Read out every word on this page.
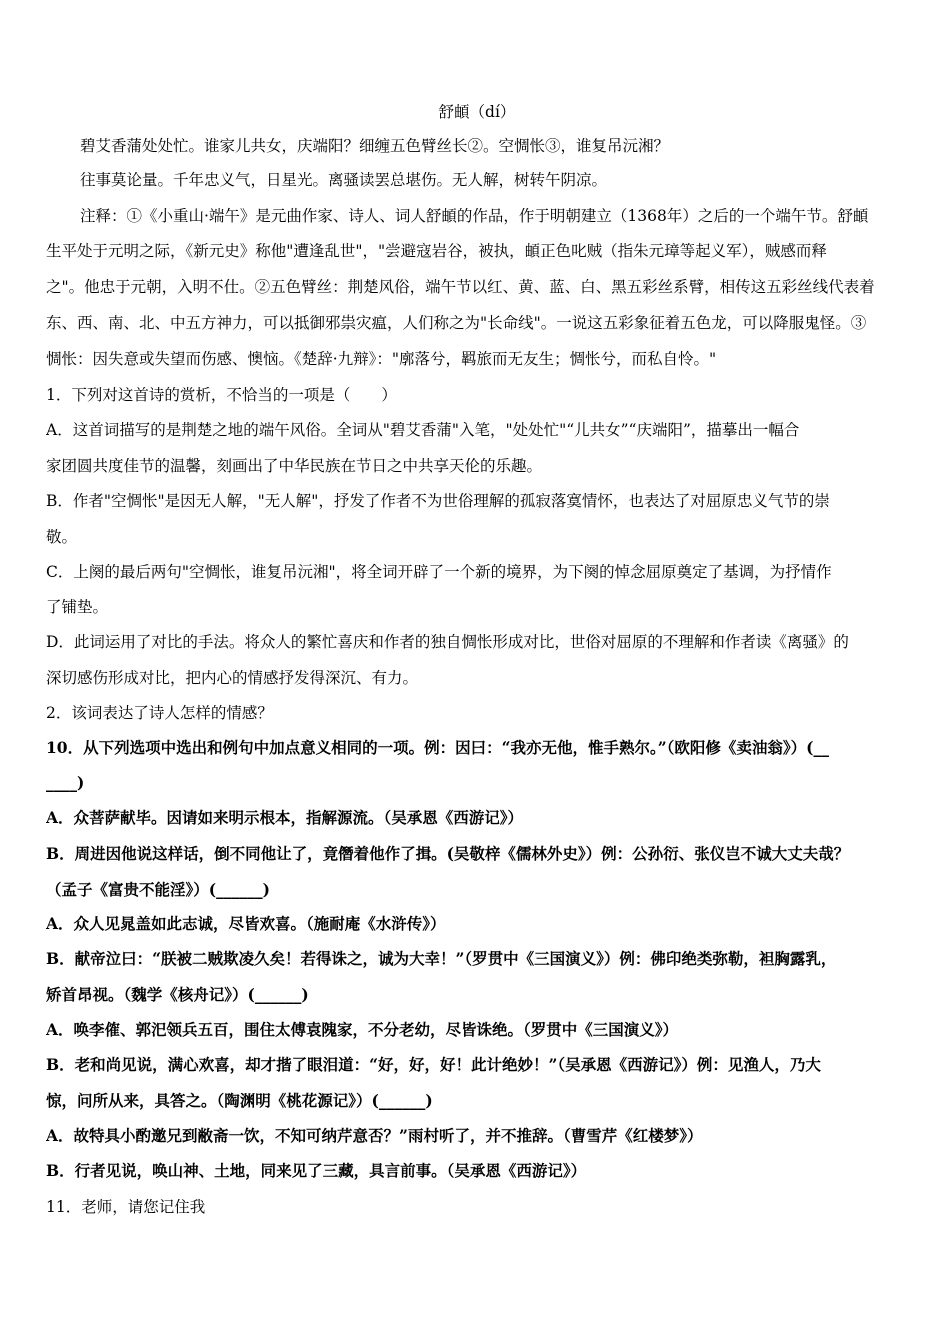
舒頔（dí）
碧艾香蒲处处忙。谁家儿共女，庆端阳？细缠五色臂丝长②。空惆怅③，谁复吊沅湘？
往事莫论量。千年忠义气，日星光。离骚读罢总堪伤。无人解，树转午阴凉。
注释：①《小重山·端午》是元曲作家、诗人、词人舒頔的作品，作于明朝建立（1368年）之后的一个端午节。舒頔
生平处于元明之际，《新元史》称他"遭逢乱世"，"尝避寇岩谷，被执，頔正色叱贼（指朱元璋等起义军），贼感而释
之"。他忠于元朝，入明不仕。②五色臂丝：荆楚风俗，端午节以红、黄、蓝、白、黑五彩丝系臂，相传这五彩丝线代表着
东、西、南、北、中五方神力，可以抵御邪祟灾瘟，人们称之为"长命线"。一说这五彩象征着五色龙，可以降服鬼怪。③
惆怅：因失意或失望而伤感、懊恼。《楚辞·九辩》："廓落兮，羁旅而无友生；惆怅兮，而私自怜。"
1．下列对这首诗的赏析，不恰当的一项是（　　）
A．这首词描写的是荆楚之地的端午风俗。全词从"碧艾香蒲"入笔，"处处忙"“儿共女”“庆端阳”，描摹出一幅合
家团圆共度佳节的温馨，刻画出了中华民族在节日之中共享天伦的乐趣。
B．作者"空惆怅"是因无人解，"无人解"，抒发了作者不为世俗理解的孤寂落寞情怀，也表达了对屈原忠义气节的崇
敬。
C．上阕的最后两句"空惆怅，谁复吊沅湘"，将全词开辟了一个新的境界，为下阕的悼念屈原奠定了基调，为抒情作
了铺垫。
D．此词运用了对比的手法。将众人的繁忙喜庆和作者的独自惆怅形成对比，世俗对屈原的不理解和作者读《离骚》的
深切感伤形成对比，把内心的情感抒发得深沉、有力。
2．该词表达了诗人怎样的情感？
10．从下列选项中选出和例句中加点意义相同的一项。例：因曰：“我亦无他，惟手熟尔。”（欧阳修《卖油翁》）(__
____)
A．众菩萨献毕。因请如来明示根本，指解源流。（吴承恩《西游记》）
B．周进因他说这样话，倒不同他让了，竟僭着他作了揖。(吴敬梓《儒林外史》）例：公孙衍、张仪岂不诚大丈夫哉？
（孟子《富贵不能淫》）(______)
A．众人见晁盖如此志诚，尽皆欢喜。（施耐庵《水浒传》）
B．献帝泣曰：“朕被二贼欺凌久矣！若得诛之，诚为大幸！”（罗贯中《三国演义》）例：佛印绝类弥勒，袒胸露乳，
矫首昂视。（魏学《核舟记》）(______)
A．唤李傕、郭汜领兵五百，围住太傅袁隗家，不分老幼，尽皆诛绝。（罗贯中《三国演义》）
B．老和尚见说，满心欢喜，却才揩了眼泪道：“好，好，好！此计绝妙！”（吴承恩《西游记》）例：见渔人，乃大
惊，问所从来，具答之。（陶渊明《桃花源记》）(______)
A．故特具小酌邀兄到敝斋一饮，不知可纳芹意否？”雨村听了，并不推辞。（曹雪芹《红楼梦》）
B．行者见说，唤山神、土地，同来见了三藏，具言前事。（吴承恩《西游记》）
11．老师，请您记住我
